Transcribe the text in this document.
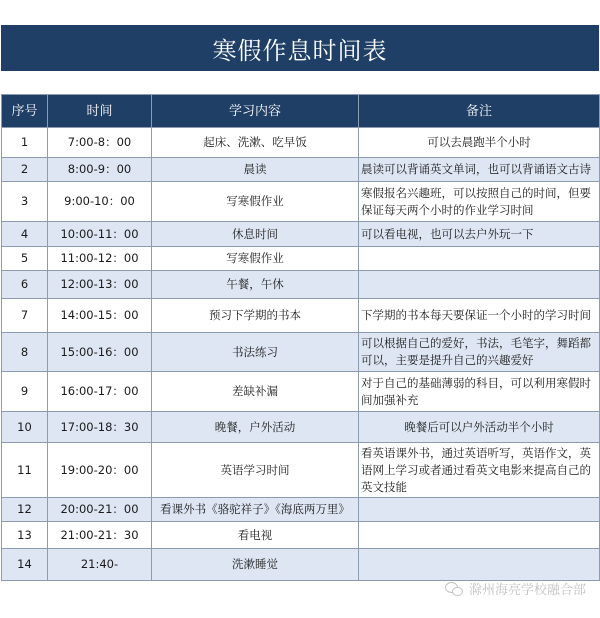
寒假作息时间表
序号	时间	学习内容	备注
1	7:00-8：00	起床、洗漱、吃早饭	可以去晨跑半个小时
2	8:00-9：00	晨读	晨读可以背诵英文单词，也可以背诵语文古诗
3	9:00-10：00	写寒假作业	寒假报名兴趣班，可以按照自己的时间，但要保证每天两个小时的作业学习时间
4	10:00-11：00	休息时间	可以看电视，也可以去户外玩一下
5	11:00-12：00	写寒假作业	
6	12:00-13：00	午餐，午休	
7	14:00-15：00	预习下学期的书本	下学期的书本每天要保证一个小时的学习时间
8	15:00-16：00	书法练习	可以根据自己的爱好，书法，毛笔字，舞蹈都可以，主要是提升自己的兴趣爱好
9	16:00-17：00	差缺补漏	对于自己的基础薄弱的科目，可以利用寒假时间加强补充
10	17:00-18：30	晚餐，户外活动	晚餐后可以户外活动半个小时
11	19:00-20：00	英语学习时间	看英语课外书，通过英语听写，英语作文，英语网上学习或者通过看英文电影来提高自己的英文技能
12	20:00-21：00	看课外书《骆驼祥子》《海底两万里》	
13	21:00-21：30	看电视	
14	21:40-	洗漱睡觉	
滁州海亮学校融合部
